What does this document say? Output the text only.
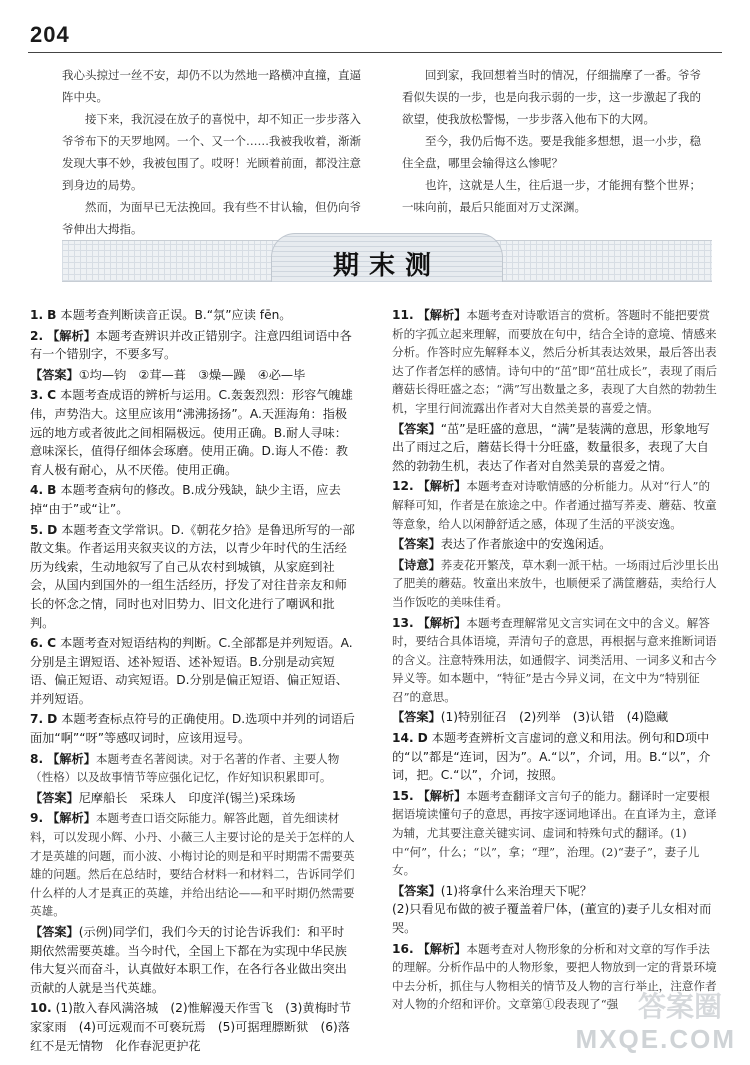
204

我心头掠过一丝不安，却仍不以为然地一路横冲直撞，直逼阵中央。

接下来，我沉浸在放子的喜悦中，却不知正一步步落入爷爷布下的天罗地网。一个、又一个……我被我收着，渐渐发现大事不妙，我被包围了。哎呀！光顾着前面，都没注意到身边的局势。

然而，为面早已无法挽回。我有些不甘认输，但仍向爷爷伸出大拇指。

回到家，我回想着当时的情况，仔细揣摩了一番。爷爷看似失误的一步，也是向我示弱的一步，这一步激起了我的欲望，使我放松警惕，一步步落入他布下的大网。

至今，我仍后悔不迭。要是我能多想想，退一小步，稳住全盘，哪里会输得这么惨呢？

也许，这就是人生，往后退一步，才能拥有整个世界；一味向前，最后只能面对万丈深渊。

期末测
1. B 本题考查判断读音正误。B.“氛”应读 fēn。
2. 【解析】本题考查辨识并改正错别字。注意四组词语中各有一个错别字，不要多写。
【答案】①均—钧　②茸—葺　③燥—躁　④必—毕
3. C 本题考查成语的辨析与运用。C.轰轰烈烈：形容气魄雄伟，声势浩大。这里应该用“沸沸扬扬”。A.天涯海角：指极远的地方或者彼此之间相隔极远。使用正确。B.耐人寻味：意味深长，值得仔细体会琢磨。使用正确。D.诲人不倦：教育人极有耐心，从不厌倦。使用正确。
4. B 本题考查病句的修改。B.成分残缺，缺少主语，应去掉“由于”或“让”。
5. D 本题考查文学常识。D.《朝花夕拾》是鲁迅所写的一部散文集。作者运用夹叙夹议的方法，以青少年时代的生活经历为线索，生动地叙写了自己从农村到城镇，从家庭到社会，从国内到国外的一组生活经历，抒发了对往昔亲友和师长的怀念之情，同时也对旧势力、旧文化进行了嘲讽和批判。
6. C 本题考查对短语结构的判断。C.全部都是并列短语。A.分别是主谓短语、述补短语、述补短语。B.分别是动宾短语、偏正短语、动宾短语。D.分别是偏正短语、偏正短语、并列短语。
7. D 本题考查标点符号的正确使用。D.选项中并列的词语后面加“啊”“呀”等感叹词时，应该用逗号。
8. 【解析】本题考查名著阅读。对于名著的作者、主要人物（性格）以及故事情节等应强化记忆，作好知识积累即可。
【答案】尼摩船长　采珠人　印度洋(锡兰)采珠场
9. 【解析】本题考查口语交际能力。解答此题，首先细读材料，可以发现小辉、小丹、小薇三人主要讨论的是关于怎样的人才是英雄的问题，而小波、小梅讨论的则是和平时期需不需要英雄的问题。然后在总结时，要结合材料一和材料二，告诉同学们什么样的人才是真正的英雄，并给出结论——和平时期仍然需要英雄。
【答案】(示例)同学们，我们今天的讨论告诉我们：和平时期依然需要英雄。当今时代，全国上下都在为实现中华民族伟大复兴而奋斗，认真做好本职工作，在各行各业做出突出贡献的人就是当代英雄。
10. (1)散入春风满洛城　(2)惟解漫天作雪飞　(3)黄梅时节家家雨　(4)可远观而不可亵玩焉　(5)可据理膘断狱　(6)落红不是无情物　化作春泥更护花
11. 【解析】本题考查对诗歌语言的赏析。答题时不能把要赏析的字孤立起来理解，而要放在句中，结合全诗的意境、情感来分析。作答时应先解释本义，然后分析其表达效果，最后答出表达了作者怎样的感情。诗句中的“茁”即“茁壮成长”，表现了雨后蘑菇长得旺盛之态；“满”写出数量之多，表现了大自然的勃勃生机，字里行间流露出作者对大自然美景的喜爱之情。
【答案】“茁”是旺盛的意思，“满”是装满的意思，形象地写出了雨过之后，蘑菇长得十分旺盛，数量很多，表现了大自然的勃勃生机，表达了作者对自然美景的喜爱之情。
12. 【解析】本题考查对诗歌情感的分析能力。从对“行人”的解释可知，作者是在旅途之中。作者通过描写荞麦、蘑菇、牧童等意象，给人以闲静舒适之感，体现了生活的平淡安逸。
【答案】表达了作者旅途中的安逸闲适。
【诗意】荞麦花开繁茂，草木剩一派干枯。一场雨过后沙里长出了肥美的蘑菇。牧童出来放牛，也顺便采了满筐蘑菇，卖给行人当作饭吃的美味佳肴。
13. 【解析】本题考查理解常见文言实词在文中的含义。解答时，要结合具体语境，弄清句子的意思，再根据与意来推断词语的含义。注意特殊用法，如通假字、词类活用、一词多义和古今异义等。如本题中，“特征”是古今异义词，在文中为“特别征召”的意思。
【答案】(1)特别征召　(2)列举　(3)认错　(4)隐藏
14. D 本题考查辨析文言虚词的意义和用法。例句和D项中的“以”都是“连词，因为”。A.“以”，介词，用。B.“以”，介词，把。C.“以”，介词，按照。
15. 【解析】本题考查翻译文言句子的能力。翻译时一定要根据语境读懂句子的意思，再按字逐词地译出。在直译为主，意译为辅，尤其要注意关键实词、虚词和特殊句式的翻译。(1)中“何”，什么；“以”，拿；“理”，治理。(2)“妻子”，妻子儿女。
【答案】(1)将拿什么来治理天下呢？
(2)只看见布做的被子覆盖着尸体，(董宣的)妻子儿女相对而哭。
16. 【解析】本题考查对人物形象的分析和对文章的写作手法的理解。分析作品中的人物形象，要把人物放到一定的背景环境中去分析，抓住与人物相关的情节及人物的言行举止，注意作者对人物的介绍和评价。文章第①段表现了“强 答案圈
MXQE.COM
